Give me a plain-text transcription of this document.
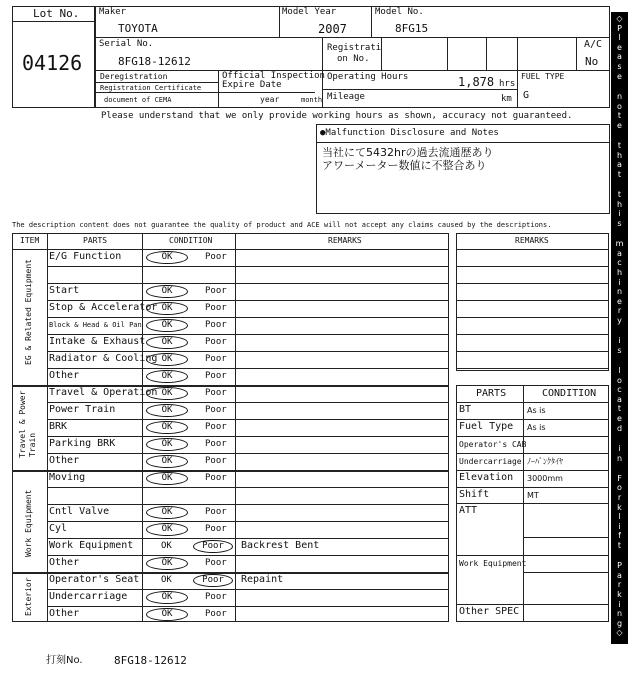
Lot No.
04126
Maker
TOYOTA
Model Year
2007
Model No.
8FG15
Serial No.
8FG18-12612
Registrati
on No.
A/C
No
Deregistration
Registration Certificate
document of CEMA
Official Inspection
Expire Date
year	month
Operating Hours	1,878 hrs
Mileage	km
FUEL TYPE
G
Please understand that we only provide working hours as shown, accuracy not guaranteed.
●Malfunction Disclosure and Notes
当社にて5432hrの過去流通歴あり
アワーメーター数値に不整合あり
The description content does not guarantee the quality of product and ACE will not accept any claims caused by the descriptions.
ITEM	PARTS	CONDITION	REMARKS
EG & Related Equipment
Travel & Power Train
Work Equipment
Exterior
E/G Function	OK	Poor
Start	OK	Poor
Stop & Accelerator OK	Poor
Block & Head & Oil Pan	OK	Poor
Intake & Exhaust	OK	Poor
Radiator & Cooling OK	Poor
Other	OK	Poor
Travel & Operation OK	Poor
Power Train	OK	Poor
BRK	OK	Poor
Parking BRK	OK	Poor
Other	OK	Poor
Moving	OK	Poor
Cntl Valve	OK	Poor
Cyl	OK	Poor
Work Equipment	OK	Poor	Backrest Bent
Other	OK	Poor
Operator's Seat OK	Poor	Repaint
Undercarriage	OK	Poor
Other	OK	Poor
REMARKS
PARTS	CONDITION
BT	As is
Fuel Type As is
Operator's CAB
Undercarriage ﾉｰﾊﾞﾝｸﾀｲﾔ
Elevation 3000mm
Shift	MT
ATT
Work Equipment
Other SPEC
打刻No.	8FG18-12612
◇
P
l
e
a
s
e
n
o
t
e
t
h
a
t
t
h
i
s
m
a
c
h
i
n
e
r
y
i
s
l
o
c
a
t
e
d
i
n
F
o
r
k
l
i
f
t
P
a
r
k
i
n
g
◇
